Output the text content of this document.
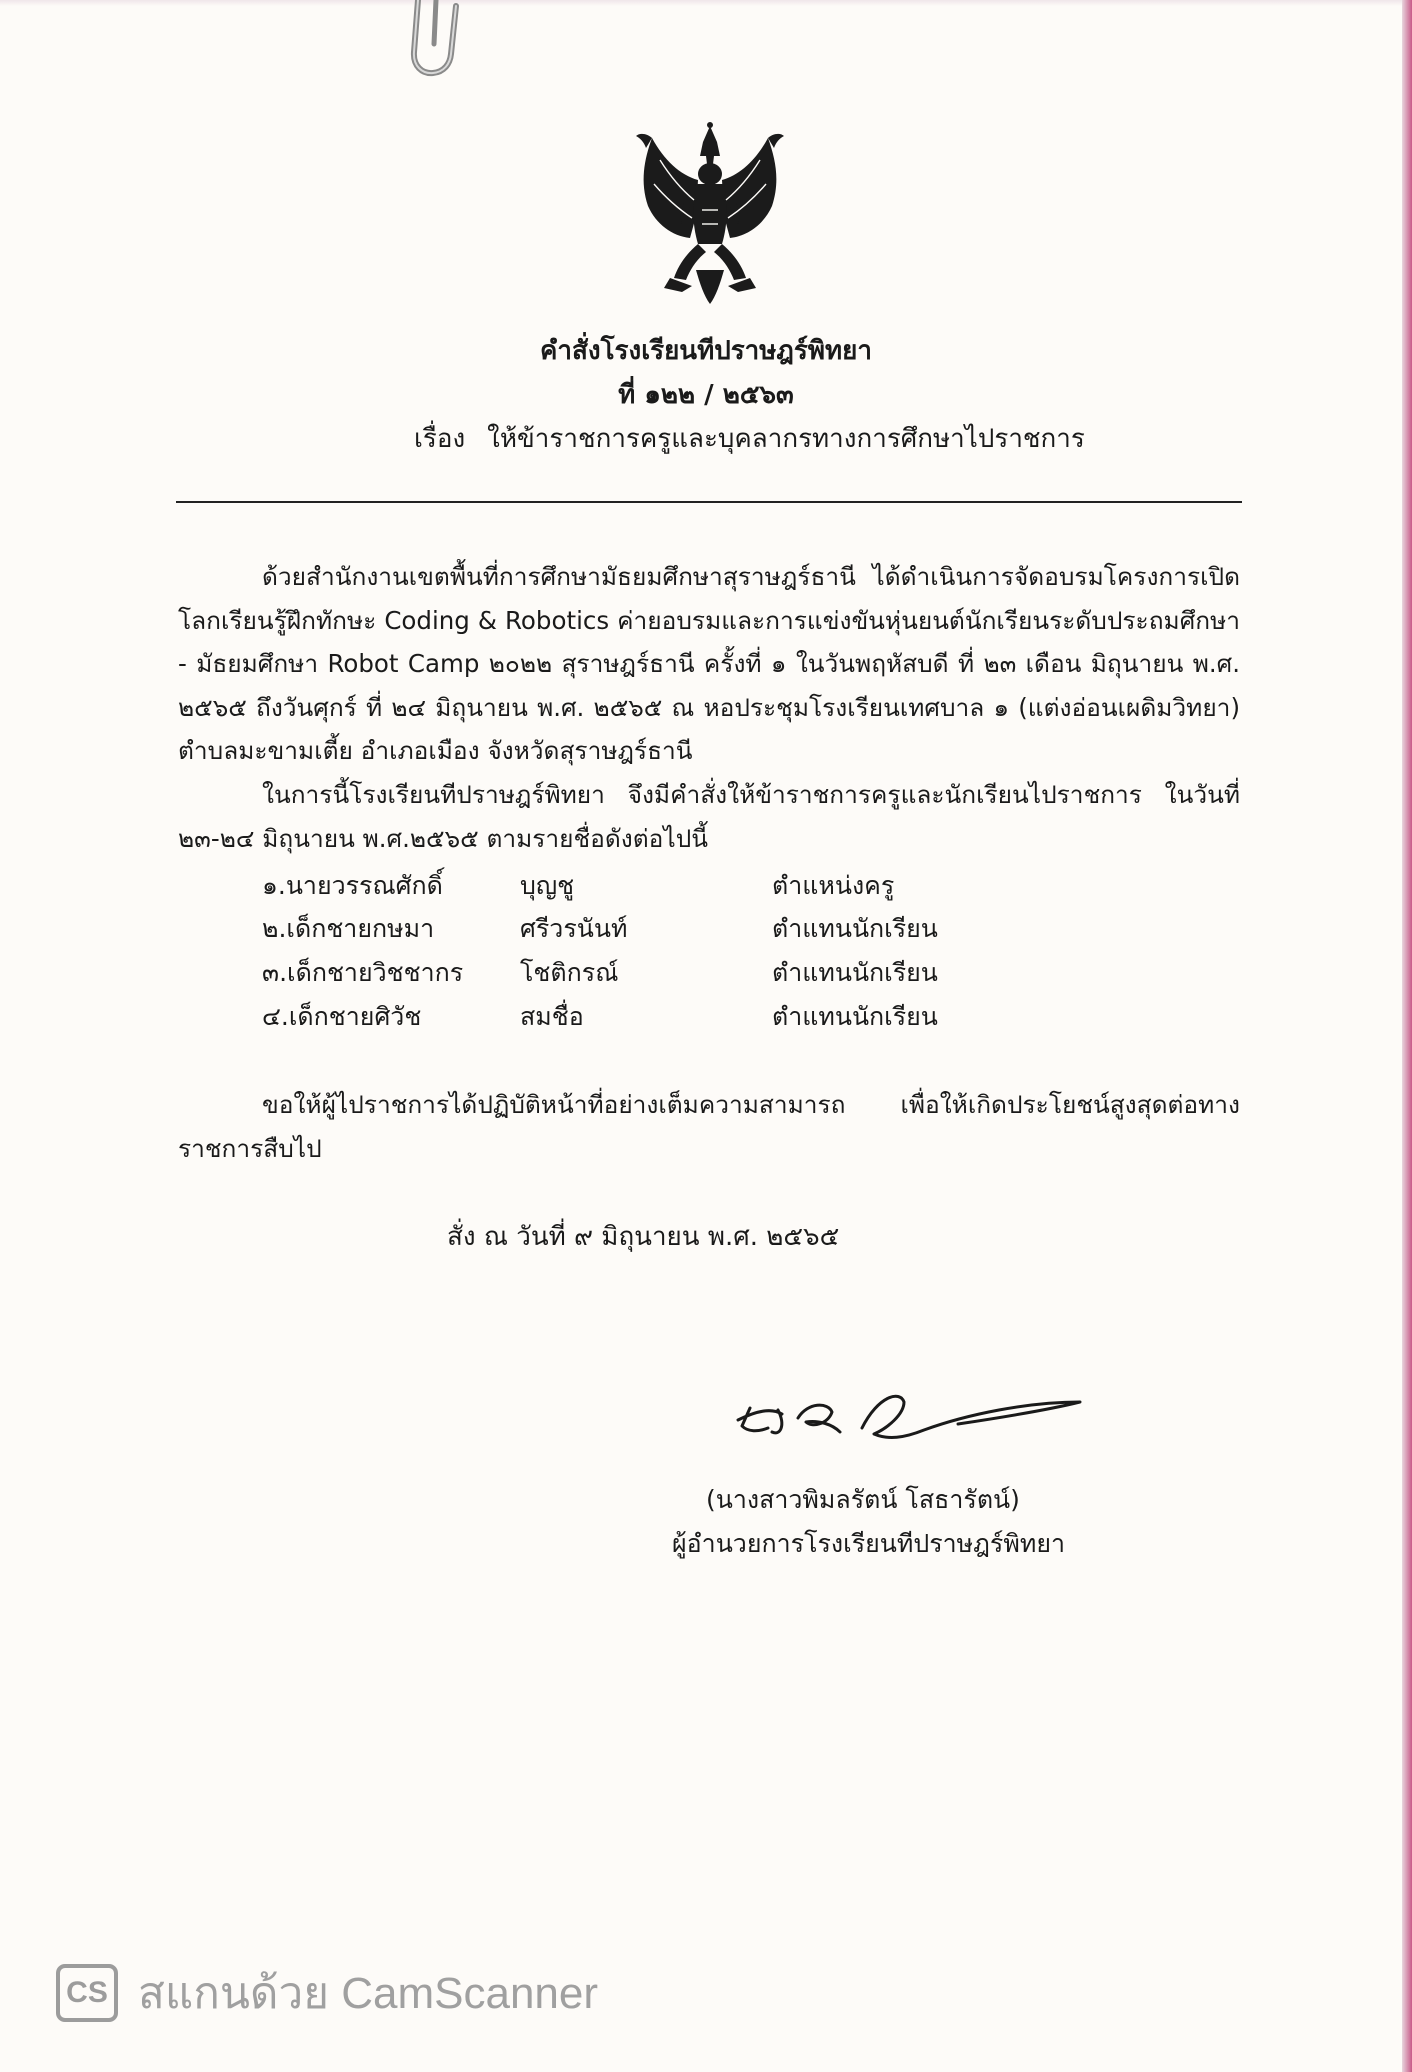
คำสั่งโรงเรียนทีปราษฎร์พิทยา
ที่ ๑๒๒ / ๒๕๖๓
เรื่อง ให้ข้าราชการครูและบุคลากรทางการศึกษาไปราชการ
ด้วยสำนักงานเขตพื้นที่การศึกษามัธยมศึกษาสุราษฎร์ธานี ได้ดำเนินการจัดอบรมโครงการเปิดโลกเรียนรู้ฝึกทักษะ Coding & Robotics ค่ายอบรมและการแข่งขันหุ่นยนต์นักเรียนระดับประถมศึกษา - มัธยมศึกษา Robot Camp ๒๐๒๒ สุราษฎร์ธานี ครั้งที่ ๑ ในวันพฤหัสบดี ที่ ๒๓ เดือน มิถุนายน พ.ศ. ๒๕๖๕ ถึงวันศุกร์ ที่ ๒๔ มิถุนายน พ.ศ. ๒๕๖๕ ณ หอประชุมโรงเรียนเทศบาล ๑ (แต่งอ่อนเผดิมวิทยา) ตำบลมะขามเตี้ย อำเภอเมือง จังหวัดสุราษฎร์ธานี
ในการนี้โรงเรียนทีปราษฎร์พิทยา จึงมีคำสั่งให้ข้าราชการครูและนักเรียนไปราชการ ในวันที่ ๒๓-๒๔ มิถุนายน พ.ศ.๒๕๖๕ ตามรายชื่อดังต่อไปนี้
๑.นายวรรณศักดิ์	บุญชู	ตำแหน่งครู
๒.เด็กชายกษมา	ศรีวรนันท์	ตำแทนนักเรียน
๓.เด็กชายวิชชากร โชติกรณ์	ตำแทนนักเรียน
๔.เด็กชายศิวัช	สมชื่อ	ตำแทนนักเรียน
ขอให้ผู้ไปราชการได้ปฏิบัติหน้าที่อย่างเต็มความสามารถ เพื่อให้เกิดประโยชน์สูงสุดต่อทางราชการสืบไป
สั่ง ณ วันที่ ๙ มิถุนายน พ.ศ. ๒๕๖๕
(นางสาวพิมลรัตน์ โสธารัตน์)
ผู้อำนวยการโรงเรียนทีปราษฎร์พิทยา
CS สแกนด้วย CamScanner
